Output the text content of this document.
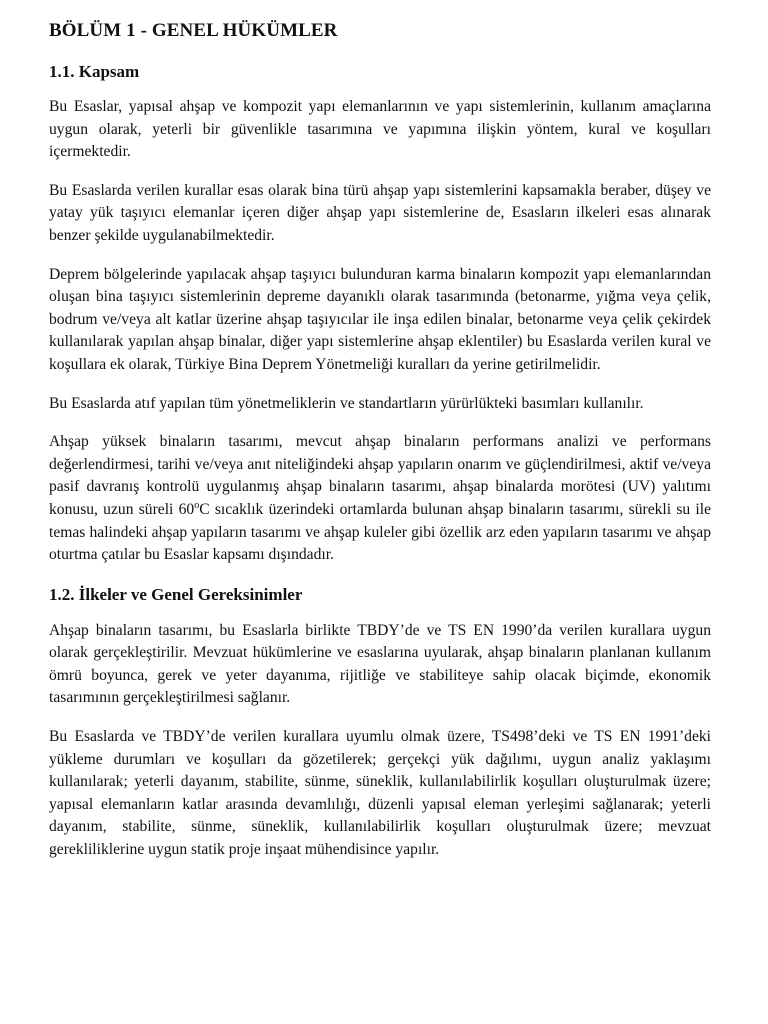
BÖLÜM 1 - GENEL HÜKÜMLER
1.1. Kapsam

Bu Esaslar, yapısal ahşap ve kompozit yapı elemanlarının ve yapı sistemlerinin, kullanım amaçlarına uygun olarak, yeterli bir güvenlikle tasarımına ve yapımına ilişkin yöntem, kural ve koşulları içermektedir.

Bu Esaslarda verilen kurallar esas olarak bina türü ahşap yapı sistemlerini kapsamakla beraber, düşey ve yatay yük taşıyıcı elemanlar içeren diğer ahşap yapı sistemlerine de, Esasların ilkeleri esas alınarak benzer şekilde uygulanabilmektedir.

Deprem bölgelerinde yapılacak ahşap taşıyıcı bulunduran karma binaların kompozit yapı elemanlarından oluşan bina taşıyıcı sistemlerinin depreme dayanıklı olarak tasarımında (betonarme, yığma veya çelik, bodrum ve/veya alt katlar üzerine ahşap taşıyıcılar ile inşa edilen binalar, betonarme veya çelik çekirdek kullanılarak yapılan ahşap binalar, diğer yapı sistemlerine ahşap eklentiler) bu Esaslarda verilen kural ve koşullara ek olarak, Türkiye Bina Deprem Yönetmeliği kuralları da yerine getirilmelidir.

Bu Esaslarda atıf yapılan tüm yönetmeliklerin ve standartların yürürlükteki basımları kullanılır.

Ahşap yüksek binaların tasarımı, mevcut ahşap binaların performans analizi ve performans değerlendirmesi, tarihi ve/veya anıt niteliğindeki ahşap yapıların onarım ve güçlendirilmesi, aktif ve/veya pasif davranış kontrolü uygulanmış ahşap binaların tasarımı, ahşap binalarda morötesi (UV) yalıtımı konusu, uzun süreli 60$^o$C sıcaklık üzerindeki ortamlarda bulunan ahşap binaların tasarımı, sürekli su ile temas halindeki ahşap yapıların tasarımı ve ahşap kuleler gibi özellik arz eden yapıların tasarımı ve ahşap oturtma çatılar bu Esaslar kapsamı dışındadır.

1.2. İlkeler ve Genel Gereksinimler

Ahşap binaların tasarımı, bu Esaslarla birlikte TBDY’de ve TS EN 1990’da verilen kurallara uygun olarak gerçekleştirilir. Mevzuat hükümlerine ve esaslarına uyularak, ahşap binaların planlanan kullanım ömrü boyunca, gerek ve yeter dayanıma, rijitliğe ve stabiliteye sahip olacak biçimde, ekonomik tasarımının gerçekleştirilmesi sağlanır.

Bu Esaslarda ve TBDY’de verilen kurallara uyumlu olmak üzere, TS498’deki ve TS EN 1991’deki yükleme durumları ve koşulları da gözetilerek; gerçekçi yük dağılımı, uygun analiz yaklaşımı kullanılarak; yeterli dayanım, stabilite, sünme, süneklik, kullanılabilirlik koşulları oluşturulmak üzere; yapısal elemanların katlar arasında devamlılığı, düzenli yapısal eleman yerleşimi sağlanarak; yeterli dayanım, stabilite, sünme, süneklik, kullanılabilirlik koşulları oluşturulmak üzere; mevzuat gerekliliklerine uygun statik proje inşaat mühendisince yapılır.
